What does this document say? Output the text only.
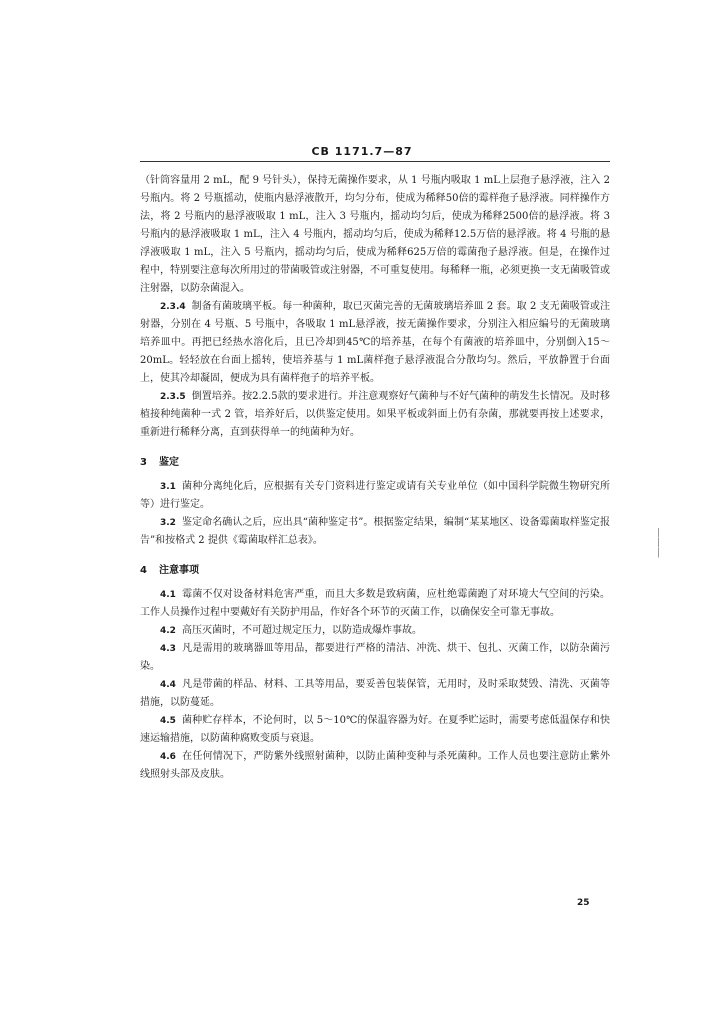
CB 1171.7—87

（针筒容量用 2 mL，配 9 号针头），保持无菌操作要求，从 1 号瓶内吸取 1 mL上层孢子悬浮液，注入 2 号瓶内。将 2 号瓶摇动，使瓶内悬浮液散开，均匀分布，使成为稀释50倍的霉样孢子悬浮液。同样操作方法，将 2 号瓶内的悬浮液吸取 1 mL，注入 3 号瓶内，摇动均匀后，使成为稀释2500倍的悬浮液。将 3 号瓶内的悬浮液吸取 1 mL，注入 4 号瓶内，摇动均匀后，使成为稀释12.5万倍的悬浮液。将 4 号瓶的悬浮液吸取 1 mL，注入 5 号瓶内，摇动均匀后，使成为稀释625万倍的霉菌孢子悬浮液。但是，在操作过程中，特别要注意每次所用过的带菌吸管或注射器，不可重复使用。每稀释一瓶，必须更换一支无菌吸管或注射器，以防杂菌混入。

2.3.4 制备有菌玻璃平板。每一种菌种，取已灭菌完善的无菌玻璃培养皿 2 套。取 2 支无菌吸管或注射器，分别在 4 号瓶、5 号瓶中，各吸取 1 mL悬浮液，按无菌操作要求，分别注入相应编号的无菌玻璃培养皿中。再把已经热水溶化后，且已冷却到45℃的培养基，在每个有菌液的培养皿中，分别倒入15～20mL。轻轻放在台面上摇转，使培养基与 1 mL菌样孢子悬浮液混合分散均匀。然后，平放静置于台面上，使其冷却凝固，便成为具有菌样孢子的培养平板。

2.3.5 倒置培养。按2.2.5款的要求进行。并注意观察好气菌种与不好气菌种的萌发生长情况。及时移植接种纯菌种一式 2 管，培养好后，以供鉴定使用。如果平板或斜面上仍有杂菌，那就要再按上述要求，重新进行稀释分离，直到获得单一的纯菌种为好。

3 鉴定

3.1 菌种分离纯化后，应根据有关专门资料进行鉴定或请有关专业单位（如中国科学院微生物研究所等）进行鉴定。

3.2 鉴定命名确认之后，应出具“菌种鉴定书”。根据鉴定结果，编制“某某地区、设备霉菌取样鉴定报告”和按格式 2 提供《霉菌取样汇总表》。

4 注意事项

4.1 霉菌不仅对设备材料危害严重，而且大多数是致病菌，应杜绝霉菌跑了对环境大气空间的污染。工作人员操作过程中要戴好有关防护用品，作好各个环节的灭菌工作，以确保安全可靠无事故。

4.2 高压灭菌时，不可超过规定压力，以防造成爆炸事故。

4.3 凡是需用的玻璃器皿等用品，都要进行严格的清洁、冲洗、烘干、包扎、灭菌工作，以防杂菌污染。

4.4 凡是带菌的样品、材料、工具等用品，要妥善包装保管，无用时，及时采取焚毁、清洗、灭菌等措施，以防蔓延。

4.5 菌种贮存样本，不论何时，以 5～10℃的保温容器为好。在夏季贮运时，需要考虑低温保存和快速运输措施，以防菌种腐败变质与衰退。

4.6 在任何情况下，严防紫外线照射菌种，以防止菌种变种与杀死菌种。工作人员也要注意防止紫外线照射头部及皮肤。

| | |
25
